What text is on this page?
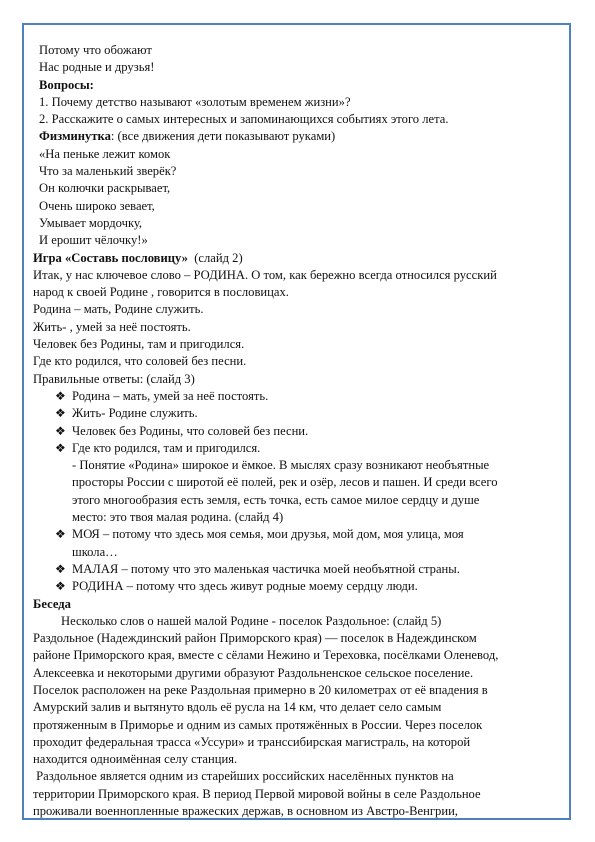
Потому что обожают
Нас родные и друзья!
Вопросы:
1. Почему детство называют «золотым временем жизни»?
2. Расскажите о самых интересных и запоминающихся событиях этого лета.
Физминутка: (все движения дети показывают руками)
«На пеньке лежит комок
Что за маленький зверёк?
Он колючки раскрывает,
Очень широко зевает,
Умывает мордочку,
И ерошит чёлочку!»
Игра «Составь пословицу»  (слайд 2)
Итак, у нас ключевое слово – РОДИНА. О том, как бережно всегда относился русский
народ к своей Родине , говорится в пословицах.
Родина – мать, Родине служить.
Жить- , умей за неё постоять.
Человек без Родины, там и пригодился.
Где кто родился, что соловей без песни.
Правильные ответы: (слайд 3)
❖ Родина – мать, умей за неё постоять.
❖ Жить- Родине служить.
❖ Человек без Родины, что соловей без песни.
❖ Где кто родился, там и пригодился.
- Понятие «Родина» широкое и ёмкое. В мыслях сразу возникают необъятные
просторы России с широтой её полей, рек и озёр, лесов и пашен. И среди всего
этого многообразия есть земля, есть точка, есть самое милое сердцу и душе
место: это твоя малая родина. (слайд 4)
❖ МОЯ – потому что здесь моя семья, мои друзья, мой дом, моя улица, моя
школа…
❖ МАЛАЯ – потому что это маленькая частичка моей необъятной страны.
❖ РОДИНА – потому что здесь живут родные моему сердцу люди.
Беседа
Несколько слов о нашей малой Родине - поселок Раздольное: (слайд 5)
Раздольное (Надеждинский район Приморского края) — поселок в Надеждинском
районе Приморского края, вместе с сёлами Нежино и Тереховка, посёлками Оленевод,
Алексеевка и некоторыми другими образуют Раздольненское сельское поселение.
Поселок расположен на реке Раздольная примерно в 20 километрах от её впадения в
Амурский залив и вытянуто вдоль её русла на 14 км, что делает село самым
протяженным в Приморье и одним из самых протяжённых в России. Через поселок
проходит федеральная трасса «Уссури» и транссибирская магистраль, на которой
находится одноимённая селу станция.
Раздольное является одним из старейших российских населённых пунктов на
территории Приморского края. В период Первой мировой войны в селе Раздольное
проживали военнопленные вражеских держав, в основном из Австро-Венгрии,
